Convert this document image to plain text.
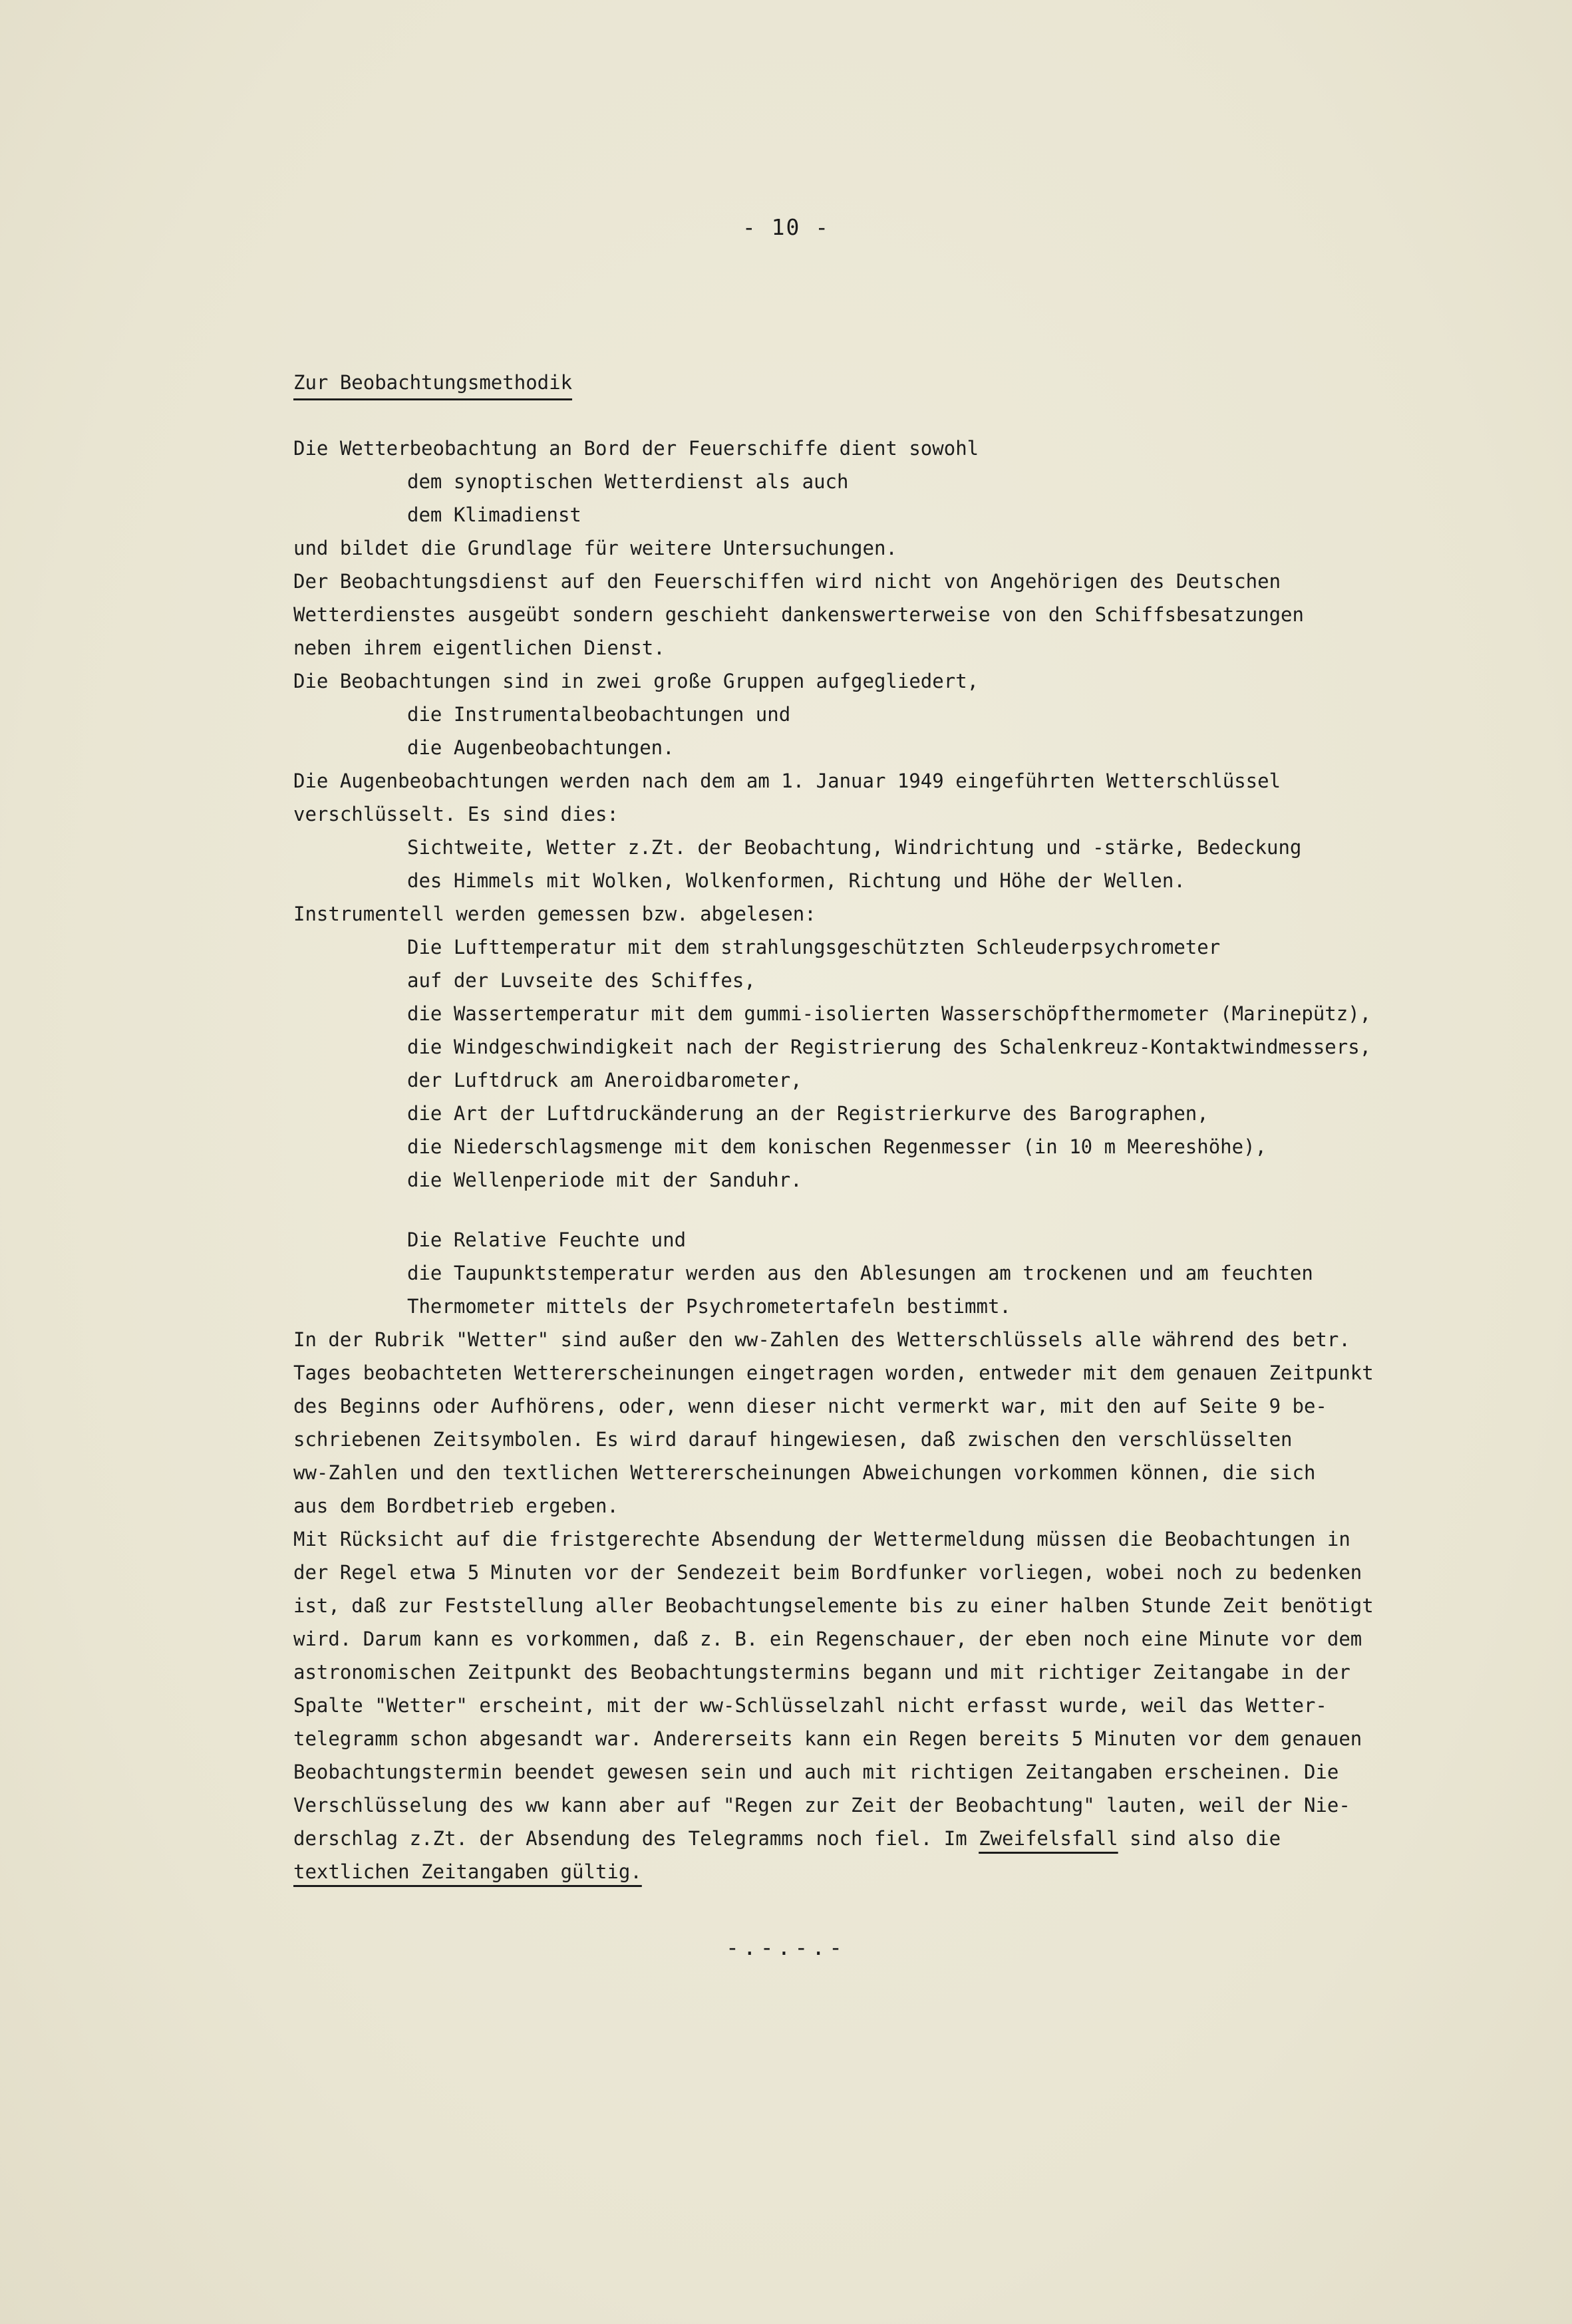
- 10 -
Zur Beobachtungsmethodik
Die Wetterbeobachtung an Bord der Feuerschiffe dient sowohl
dem synoptischen Wetterdienst als auch
dem Klimadienst
und bildet die Grundlage für weitere Untersuchungen.
Der Beobachtungsdienst auf den Feuerschiffen wird nicht von Angehörigen des Deutschen
Wetterdienstes ausgeübt sondern geschieht dankenswerterweise von den Schiffsbesatzungen
neben ihrem eigentlichen Dienst.
Die Beobachtungen sind in zwei große Gruppen aufgegliedert,
die Instrumentalbeobachtungen und
die Augenbeobachtungen.
Die Augenbeobachtungen werden nach dem am 1. Januar 1949 eingeführten Wetterschlüssel
verschlüsselt. Es sind dies:
Sichtweite, Wetter z.Zt. der Beobachtung, Windrichtung und -stärke, Bedeckung
des Himmels mit Wolken, Wolkenformen, Richtung und Höhe der Wellen.
Instrumentell werden gemessen bzw. abgelesen:
Die Lufttemperatur mit dem strahlungsgeschützten Schleuderpsychrometer
auf der Luvseite des Schiffes,
die Wassertemperatur mit dem gummi-isolierten Wasserschöpfthermometer (Marinepütz),
die Windgeschwindigkeit nach der Registrierung des Schalenkreuz-Kontaktwindmessers,
der Luftdruck am Aneroidbarometer,
die Art der Luftdruckänderung an der Registrierkurve des Barographen,
die Niederschlagsmenge mit dem konischen Regenmesser (in 10 m Meereshöhe),
die Wellenperiode mit der Sanduhr.
Die Relative Feuchte und
die Taupunktstemperatur werden aus den Ablesungen am trockenen und am feuchten
Thermometer mittels der Psychrometertafeln bestimmt.
In der Rubrik "Wetter" sind außer den ww-Zahlen des Wetterschlüssels alle während des betr.
Tages beobachteten Wettererscheinungen eingetragen worden, entweder mit dem genauen Zeitpunkt
des Beginns oder Aufhörens, oder, wenn dieser nicht vermerkt war, mit den auf Seite 9 be-
schriebenen Zeitsymbolen. Es wird darauf hingewiesen, daß zwischen den verschlüsselten
ww-Zahlen und den textlichen Wettererscheinungen Abweichungen vorkommen können, die sich
aus dem Bordbetrieb ergeben.
Mit Rücksicht auf die fristgerechte Absendung der Wettermeldung müssen die Beobachtungen in
der Regel etwa 5 Minuten vor der Sendezeit beim Bordfunker vorliegen, wobei noch zu bedenken
ist, daß zur Feststellung aller Beobachtungselemente bis zu einer halben Stunde Zeit benötigt
wird. Darum kann es vorkommen, daß z. B. ein Regenschauer, der eben noch eine Minute vor dem
astronomischen Zeitpunkt des Beobachtungstermins begann und mit richtiger Zeitangabe in der
Spalte "Wetter" erscheint, mit der ww-Schlüsselzahl nicht erfasst wurde, weil das Wetter-
telegramm schon abgesandt war. Andererseits kann ein Regen bereits 5 Minuten vor dem genauen
Beobachtungstermin beendet gewesen sein und auch mit richtigen Zeitangaben erscheinen. Die
Verschlüsselung des ww kann aber auf "Regen zur Zeit der Beobachtung" lauten, weil der Nie-
derschlag z.Zt. der Absendung des Telegramms noch fiel. Im Zweifelsfall sind also die
textlichen Zeitangaben gültig.
-.-.-.-
